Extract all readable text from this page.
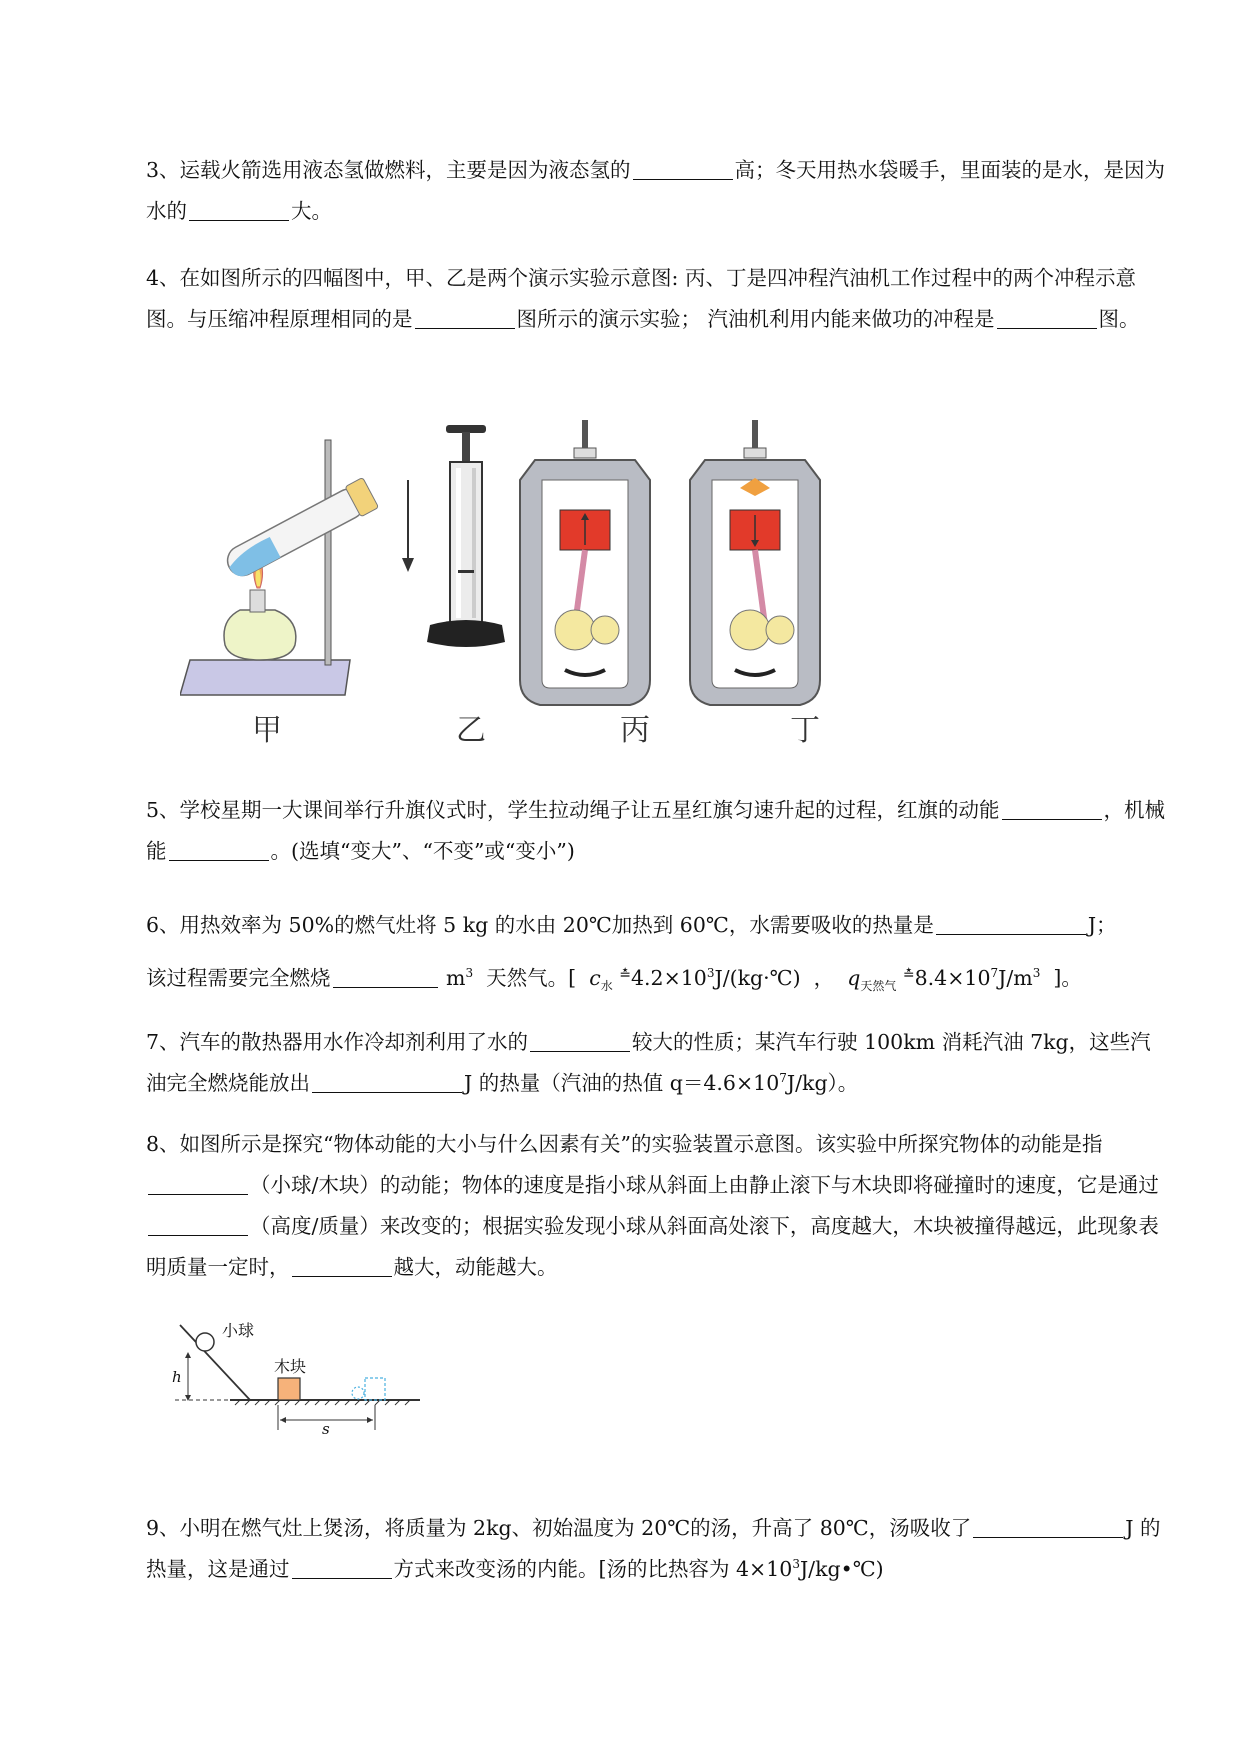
3、运载火箭选用液态氢做燃料，主要是因为液态氢的	高；冬天用热水袋暖手，里面装的是水，是因为水的	大。
4、在如图所示的四幅图中，甲、乙是两个演示实验示意图: 丙、丁是四冲程汽油机工作过程中的两个冲程示意图。与压缩冲程原理相同的是	图所示的演示实验； 汽油机利用内能来做功的冲程是	图。
甲	乙	丙	丁
5、学校星期一大课间举行升旗仪式时，学生拉动绳子让五星红旗匀速升起的过程，红旗的动能	，机械能	。(选填“变大”、“不变”或“变小”)
6、用热效率为 50%的燃气灶将 5 kg 的水由 20℃加热到 60℃，水需要吸收的热量是	J；
该过程需要完全燃烧	$m^3$ 天然气。[ $c_水$ $^≛4.2\times 10^3J/(kg\cdot℃)$ ， $q_{天然气}$ $^≛8.4\times 10^7J/m^3$ ]。
7、汽车的散热器用水作冷却剂利用了水的	较大的性质；某汽车行驶 100km 消耗汽油 7kg，这些汽油完全燃烧能放出	J 的热量（汽油的热值 $q=4.6\times 10^7J/kg$）。
8、如图所示是探究“物体动能的大小与什么因素有关”的实验装置示意图。该实验中所探究物体的动能是指（小球/木块）的动能；物体的速度是指小球从斜面上由静止滚下与木块即将碰撞时的速度，它是通过（高度/质量）来改变的；根据实验发现小球从斜面高处滚下，高度越大，木块被撞得越远，此现象表明质量一定时，	越大，动能越大。
小球
木块
h
s
9、小明在燃气灶上煲汤，将质量为 2kg、初始温度为 20℃的汤，升高了 80℃，汤吸收了	J 的热量，这是通过	方式来改变汤的内能。[汤的比热容为 $4\times 10^3J/kg•℃$)
